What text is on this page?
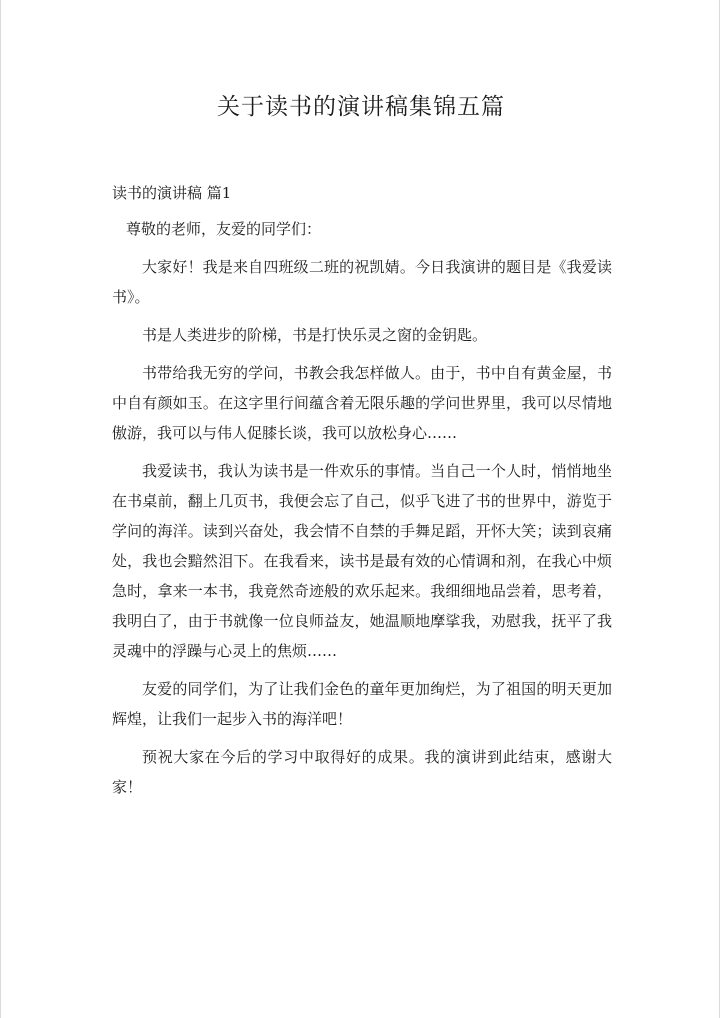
关于读书的演讲稿集锦五篇

读书的演讲稿 篇1

尊敬的老师，友爱的同学们：

大家好！我是来自四班级二班的祝凯婧。今日我演讲的题目是《我爱读书》。

书是人类进步的阶梯，书是打快乐灵之窗的金钥匙。

书带给我无穷的学问，书教会我怎样做人。由于，书中自有黄金屋，书中自有颜如玉。在这字里行间蕴含着无限乐趣的学问世界里，我可以尽情地傲游，我可以与伟人促膝长谈，我可以放松身心……

我爱读书，我认为读书是一件欢乐的事情。当自己一个人时，悄悄地坐在书桌前，翻上几页书，我便会忘了自己，似乎飞进了书的世界中，游览于学问的海洋。读到兴奋处，我会情不自禁的手舞足蹈，开怀大笑；读到哀痛处，我也会黯然泪下。在我看来，读书是最有效的心情调和剂，在我心中烦急时，拿来一本书，我竟然奇迹般的欢乐起来。我细细地品尝着，思考着，我明白了，由于书就像一位良师益友，她温顺地摩挲我，劝慰我，抚平了我灵魂中的浮躁与心灵上的焦烦……

友爱的同学们，为了让我们金色的童年更加绚烂，为了祖国的明天更加辉煌，让我们一起步入书的海洋吧！

预祝大家在今后的学习中取得好的成果。我的演讲到此结束，感谢大家！
